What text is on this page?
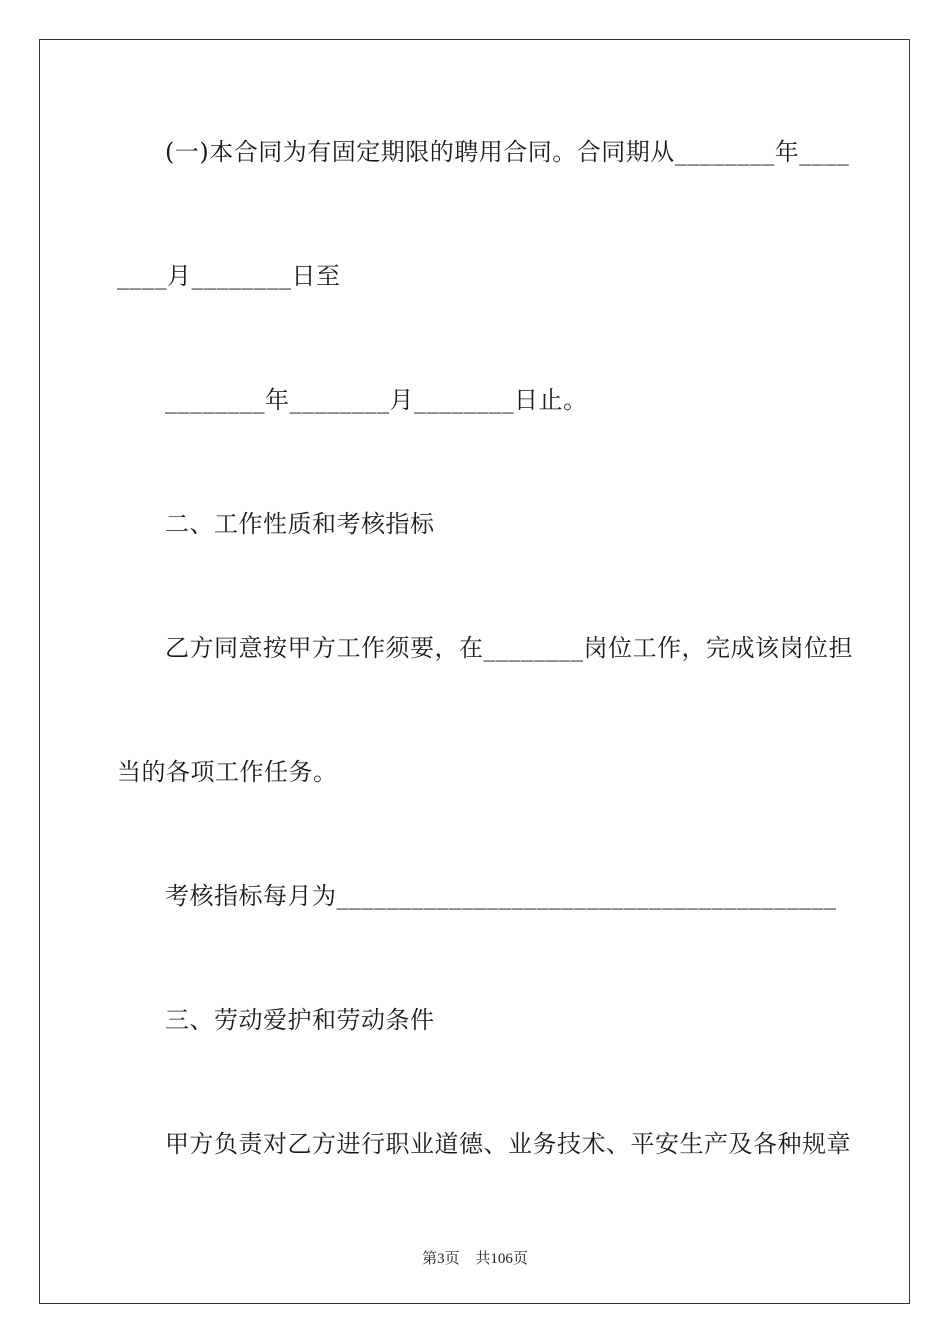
(一)本合同为有固定期限的聘用合同。合同期从________年____
____月________日至
________年________月________日止。
二、工作性质和考核指标
乙方同意按甲方工作须要，在________岗位工作，完成该岗位担
当的各项工作任务。
考核指标每月为________________________________________
三、劳动爱护和劳动条件
甲方负责对乙方进行职业道德、业务技术、平安生产及各种规章
第3页 共106页
